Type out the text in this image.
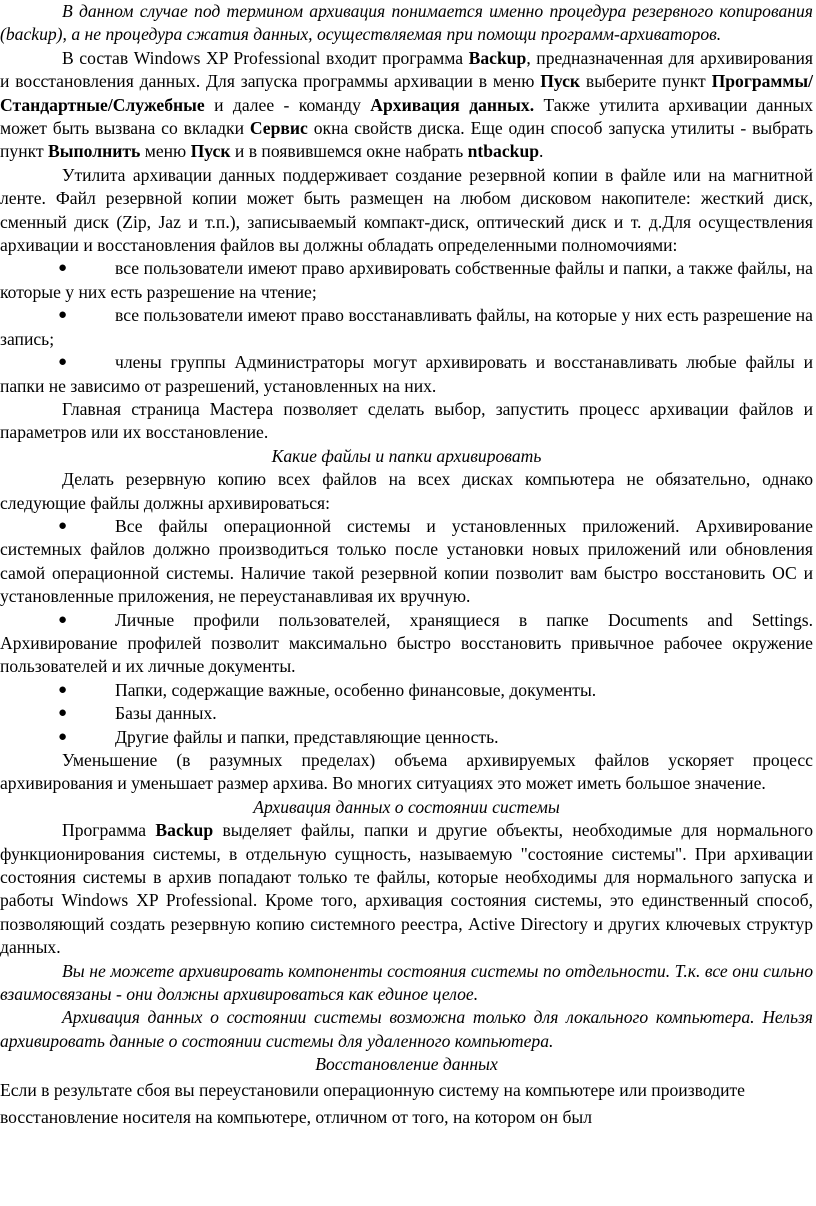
В данном случае под термином архивация понимается именно процедура резервного копирования (backup), а не процедура сжатия данных, осуществляемая при помощи программ-архиваторов.

В состав Windows XP Professional входит программа Backup, предназначенная для архивирования и восстановления данных. Для запуска программы архивации в меню Пуск выберите пункт Программы/Стандартные/Служебные и далее - команду Архивация данных. Также утилита архивации данных может быть вызвана со вкладки Сервис окна свойств диска. Еще один способ запуска утилиты - выбрать пункт Выполнить меню Пуск и в появившемся окне набрать ntbackup.

Утилита архивации данных поддерживает создание резервной копии в файле или на магнитной ленте. Файл резервной копии может быть размещен на любом дисковом накопителе: жесткий диск, сменный диск (Zip, Jaz и т.п.), записываемый компакт-диск, оптический диск и т. д.Для осуществления архивации и восстановления файлов вы должны обладать определенными полномочиями:

●	все пользователи имеют право архивировать собственные файлы и папки, а также файлы, на которые у них есть разрешение на чтение;

●	все пользователи имеют право восстанавливать файлы, на которые у них есть разрешение на запись;

●	члены группы Администраторы могут архивировать и восстанавливать любые файлы и папки не зависимо от разрешений, установленных на них.

Главная страница Мастера позволяет сделать выбор, запустить процесс архивации файлов и параметров или их восстановление.

Какие файлы и папки архивировать

Делать резервную копию всех файлов на всех дисках компьютера не обязательно, однако следующие файлы должны архивироваться:

●	Все файлы операционной системы и установленных приложений. Архивирование системных файлов должно производиться только после установки новых приложений или обновления самой операционной системы. Наличие такой резервной копии позволит вам быстро восстановить ОС и установленные приложения, не переустанавливая их вручную.

●	Личные профили пользователей, хранящиеся в папке Documents and Settings. Архивирование профилей позволит максимально быстро восстановить привычное рабочее окружение пользователей и их личные документы.

●	Папки, содержащие важные, особенно финансовые, документы.

●	Базы данных.

●	Другие файлы и папки, представляющие ценность.

Уменьшение (в разумных пределах) объема архивируемых файлов ускоряет процесс архивирования и уменьшает размер архива. Во многих ситуациях это может иметь большое значение.

Архивация данных о состоянии системы

Программа Backup выделяет файлы, папки и другие объекты, необходимые для нормального функционирования системы, в отдельную сущность, называемую "состояние системы". При архивации состояния системы в архив попадают только те файлы, которые необходимы для нормального запуска и работы Windows XP Professional. Кроме того, архивация состояния системы, это единственный способ, позволяющий создать резервную копию системного реестра, Active Directory и других ключевых структур данных.

Вы не можете архивировать компоненты состояния системы по отдельности. Т.к. все они сильно взаимосвязаны - они должны архивироваться как единое целое.

Архивация данных о состоянии системы возможна только для локального компьютера. Нельзя архивировать данные о состоянии системы для удаленного компьютера.

Восстановление данных

Если в результате сбоя вы переустановили операционную систему на компьютере или производите восстановление носителя на компьютере, отличном от того, на котором он был
